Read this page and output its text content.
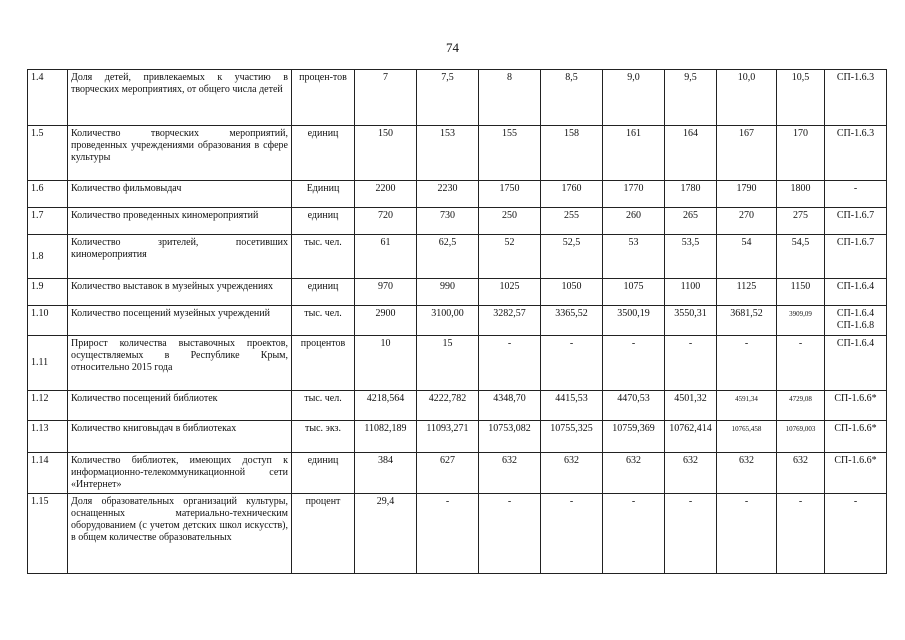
74
1.4	Доля детей, привлекаемых к участию в творческих мероприятиях, от общего числа детей	процен-тов	7	7,5	8	8,5	9,0	9,5	10,0	10,5	СП-1.6.3

1.5	Количество творческих мероприятий, проведенных учреждениями образования в сфере культуры	единиц	150	153	155	158	161	164	167	170	СП-1.6.3

1.6	Количество фильмовыдач	Единиц	2200	2230	1750	1760	1770	1780	1790	1800	-

1.7	Количество проведенных киномероприятий	единиц	720	730	250	255	260	265	270	275	СП-1.6.7

1.8	Количество зрителей, посетивших киномероприятия	тыс. чел.	61	62,5	52	52,5	53	53,5	54	54,5	СП-1.6.7

1.9	Количество выставок в музейных учреждениях	единиц	970	990	1025	1050	1075	1100	1125	1150	СП-1.6.4

1.10	Количество посещений музейных учреждений	тыс. чел.	2900	3100,00	3282,57	3365,52	3500,19	3550,31	3681,52	3909,09	СП-1.6.4
СП-1.6.8

1.11	Прирост количества выставочных проектов, осуществляемых в Республике Крым, относительно 2015 года	процентов	10	15	-	-	-	-	-	-	СП-1.6.4

1.12	Количество посещений библиотек	тыс. чел.	4218,564	4222,782	4348,70	4415,53	4470,53	4501,32	4591,34	4729,08	СП-1.6.6*

1.13	Количество книговыдач в библиотеках	тыс. экз.	11082,189	11093,271	10753,082	10755,325	10759,369	10762,414	10765,458	10769,003	СП-1.6.6*

1.14	Количество библиотек, имеющих доступ к информационно-телекоммуникационной сети «Интернет»	единиц	384	627	632	632	632	632	632	632	СП-1.6.6*

1.15	Доля образовательных организаций культуры, оснащенных материально-техническим оборудованием (с учетом детских школ искусств), в общем количестве образовательных	процент	29,4	-	-	-	-	-	-	-	-
